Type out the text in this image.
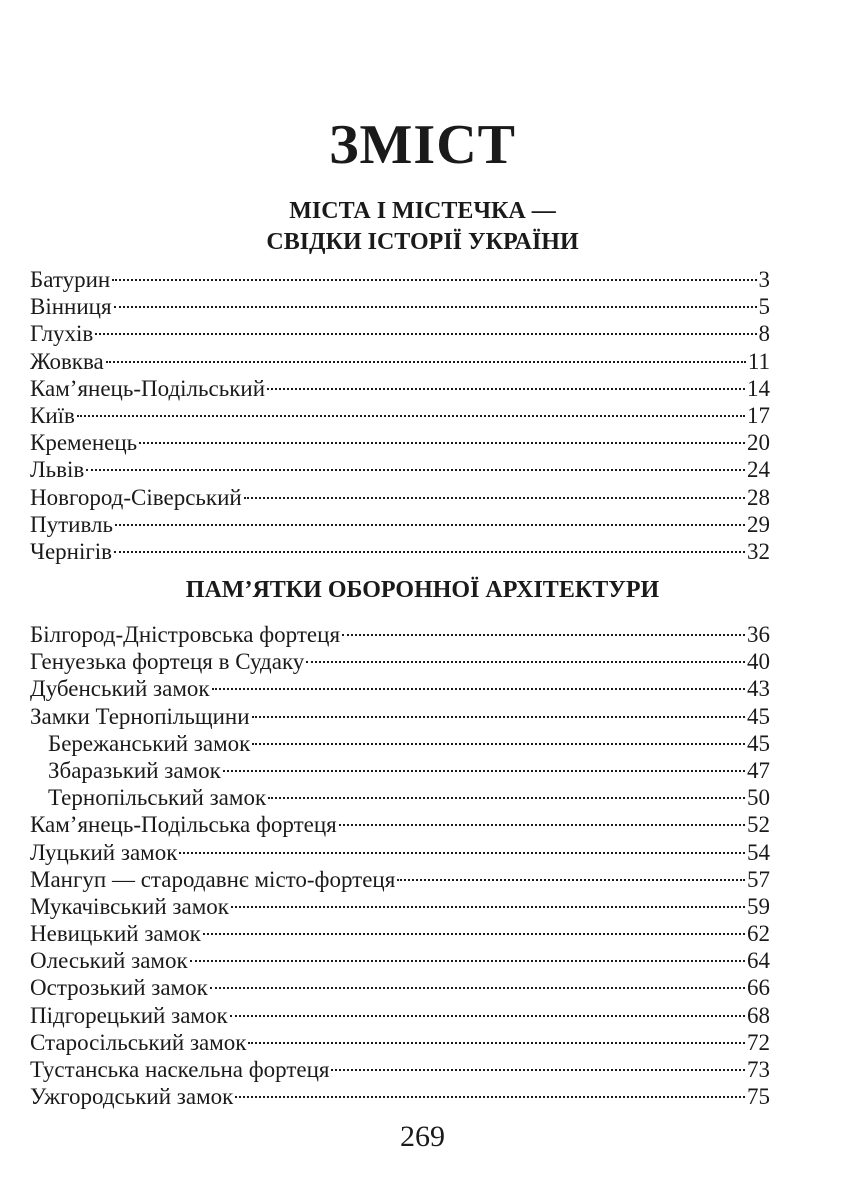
ЗМІСТ
МІСТА І МІСТЕЧКА —
СВІДКИ ІСТОРІЇ УКРАЇНИ
Батурин	3
Вінниця	5
Глухів	8
Жовква	11
Кам’янець-Подільський	14
Київ	17
Кременець	20
Львів	24
Новгород-Сіверський	28
Путивль	29
Чернігів	32
ПАМ’ЯТКИ ОБОРОННОЇ АРХІТЕКТУРИ
Білгород-Дністровська фортеця	36
Генуезька фортеця в Судаку	40
Дубенський замок	43
Замки Тернопільщини	45
Бережанський замок	45
Збаразький замок	47
Тернопільський замок	50
Кам’янець-Подільська фортеця	52
Луцький замок	54
Мангуп — стародавнє місто-фортеця	57
Мукачівський замок	59
Невицький замок	62
Олеський замок	64
Острозький замок	66
Підгорецький замок	68
Старосільський замок	72
Тустанська наскельна фортеця	73
Ужгородський замок	75
269
